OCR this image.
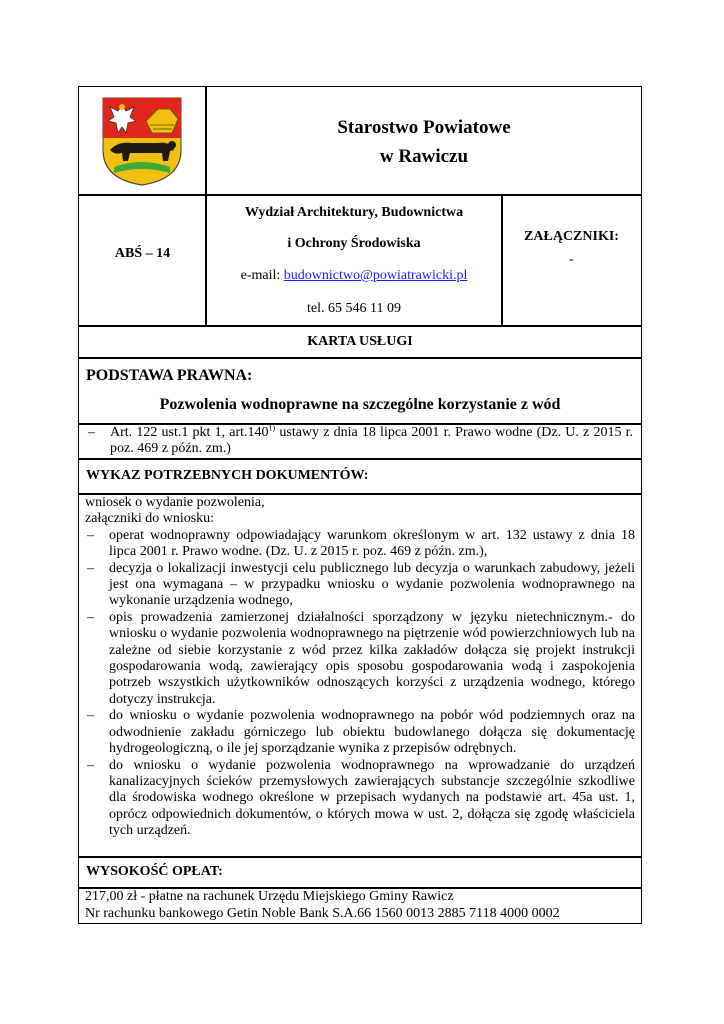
Starostwo Powiatowe
w Rawiczu
ABŚ – 14
Wydział Architektury, Budownictwa
i Ochrony Środowiska
e-mail: budownictwo@powiatrawicki.pl
tel. 65 546 11 09
ZAŁĄCZNIKI:
-
KARTA USŁUGI
PODSTAWA PRAWNA:
Pozwolenia wodnoprawne na szczególne korzystanie z wód
– Art. 122 ust.1 pkt 1, art.140$^{1)}$ ustawy z dnia 18 lipca 2001 r. Prawo wodne (Dz. U. z 2015 r. poz. 469 z późn. zm.)
WYKAZ POTRZEBNYCH DOKUMENTÓW:
wniosek o wydanie pozwolenia,
załączniki do wniosku:
– operat wodnoprawny odpowiadający warunkom określonym w art. 132 ustawy z dnia 18 lipca 2001 r. Prawo wodne. (Dz. U. z 2015 r. poz. 469 z późn. zm.),
– decyzja o lokalizacji inwestycji celu publicznego lub decyzja o warunkach zabudowy, jeżeli jest ona wymagana – w przypadku wniosku o wydanie pozwolenia wodnoprawnego na wykonanie urządzenia wodnego,
– opis prowadzenia zamierzonej działalności sporządzony w języku nietechnicznym.- do wniosku o wydanie pozwolenia wodnoprawnego na piętrzenie wód powierzchniowych lub na zależne od siebie korzystanie z wód przez kilka zakładów dołącza się projekt instrukcji gospodarowania wodą, zawierający opis sposobu gospodarowania wodą i zaspokojenia potrzeb wszystkich użytkowników odnoszących korzyści z urządzenia wodnego, którego dotyczy instrukcja.
– do wniosku o wydanie pozwolenia wodnoprawnego na pobór wód podziemnych oraz na odwodnienie zakładu górniczego lub obiektu budowlanego dołącza się dokumentację hydrogeologiczną, o ile jej sporządzanie wynika z przepisów odrębnych.
– do wniosku o wydanie pozwolenia wodnoprawnego na wprowadzanie do urządzeń kanalizacyjnych ścieków przemysłowych zawierających substancje szczególnie szkodliwe dla środowiska wodnego określone w przepisach wydanych na podstawie art. 45a ust. 1, oprócz odpowiednich dokumentów, o których mowa w ust. 2, dołącza się zgodę właściciela tych urządzeń.
WYSOKOŚĆ OPŁAT:
217,00 zł - płatne na rachunek Urzędu Miejskiego Gminy Rawicz
Nr rachunku bankowego Getin Noble Bank S.A.66 1560 0013 2885 7118 4000 0002
